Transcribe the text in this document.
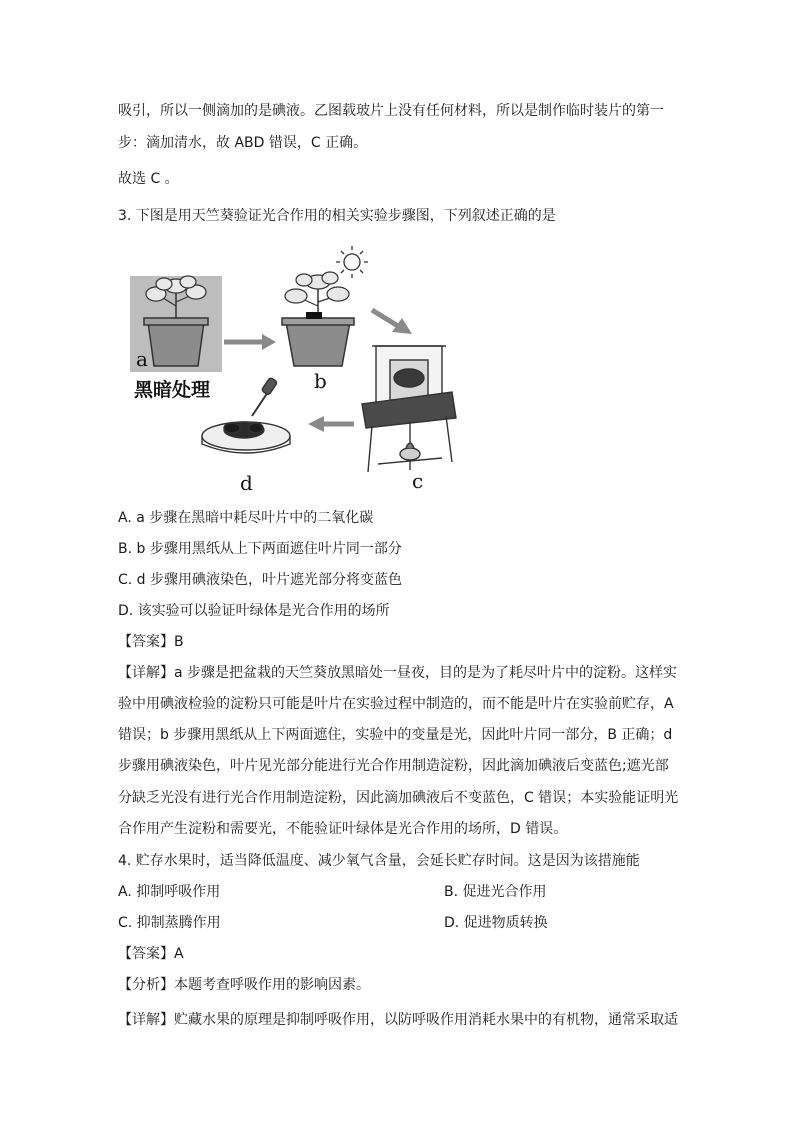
吸引，所以一侧滴加的是碘液。乙图载玻片上没有任何材料，所以是制作临时装片的第一
步：滴加清水，故 ABD 错误，C 正确。
故选 C 。
3. 下图是用天竺葵验证光合作用的相关实验步骤图，下列叙述正确的是
a
黑暗处理	b
c
d
A. a 步骤在黑暗中耗尽叶片中的二氧化碳
B. b 步骤用黑纸从上下两面遮住叶片同一部分
C. d 步骤用碘液染色，叶片遮光部分将变蓝色
D. 该实验可以验证叶绿体是光合作用的场所
【答案】B
【详解】a 步骤是把盆栽的天竺葵放黑暗处一昼夜，目的是为了耗尽叶片中的淀粉。这样实
验中用碘液检验的淀粉只可能是叶片在实验过程中制造的，而不能是叶片在实验前贮存，A
错误；b 步骤用黑纸从上下两面遮住，实验中的变量是光，因此叶片同一部分，B 正确；d
步骤用碘液染色，叶片见光部分能进行光合作用制造淀粉，因此滴加碘液后变蓝色;遮光部
分缺乏光没有进行光合作用制造淀粉，因此滴加碘液后不变蓝色，C 错误；本实验能证明光
合作用产生淀粉和需要光，不能验证叶绿体是光合作用的场所，D 错误。
4. 贮存水果时，适当降低温度、减少氧气含量，会延长贮存时间。这是因为该措施能
A. 抑制呼吸作用	B. 促进光合作用
C. 抑制蒸腾作用	D. 促进物质转换
【答案】A
【分析】本题考查呼吸作用的影响因素。
【详解】贮藏水果的原理是抑制呼吸作用，以防呼吸作用消耗水果中的有机物，通常采取适
